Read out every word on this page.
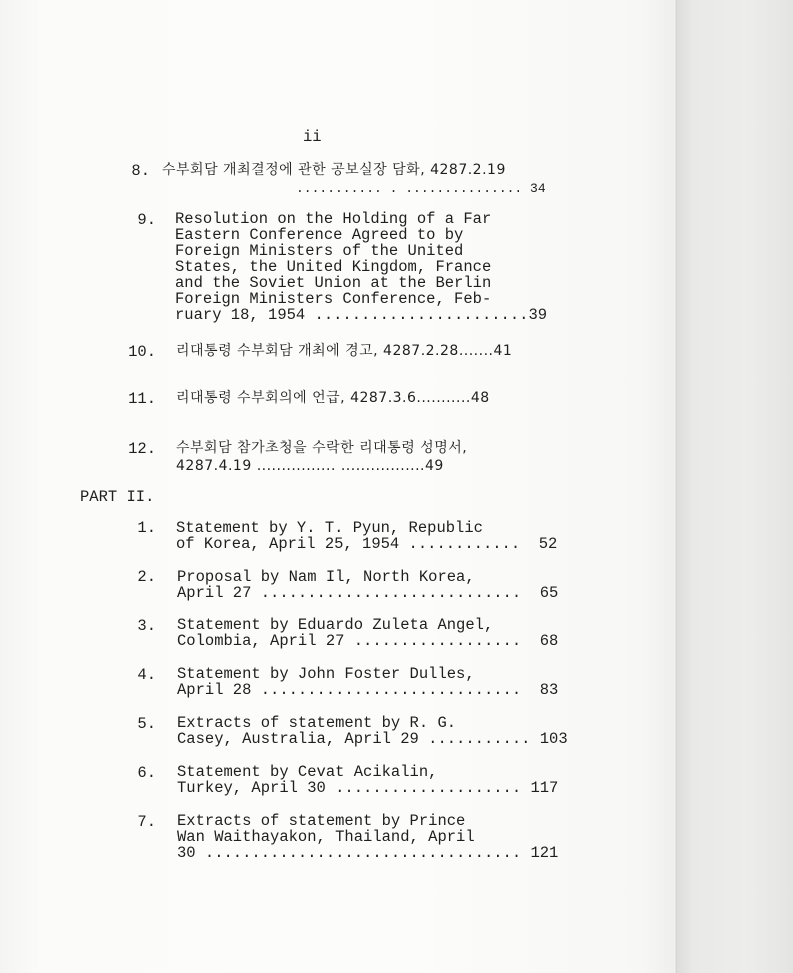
ii

8. 수부회담 개최결정에 관한 공보실장 담화, 4287.2.19

........... . ............... 34

9. Resolution on the Holding of a Far

Eastern Conference Agreed to by

Foreign Ministers of the United

States, the United Kingdom, France

and the Soviet Union at the Berlin

Foreign Ministers Conference, Feb-

ruary 18, 1954 .......................39

10. 리대통령 수부회담 개최에 경고, 4287.2.28.......41

11. 리대통령 수부회의에 언급, 4287.3.6...........48

12. 수부회담 참가초청을 수락한 리대통령 성명서,

4287.4.19 ................ .................49

PART II.

1. Statement by Y. T. Pyun, Republic

of Korea, April 25, 1954 ............  52

2. Proposal by Nam Il, North Korea,

April 27 ............................  65

3. Statement by Eduardo Zuleta Angel,

Colombia, April 27 ..................  68

4. Statement by John Foster Dulles,

April 28 ............................  83

5. Extracts of statement by R. G.

Casey, Australia, April 29 ........... 103

6. Statement by Cevat Acikalin,

Turkey, April 30 .................... 117

7. Extracts of statement by Prince

Wan Waithayakon, Thailand, April

30 .................................. 121
